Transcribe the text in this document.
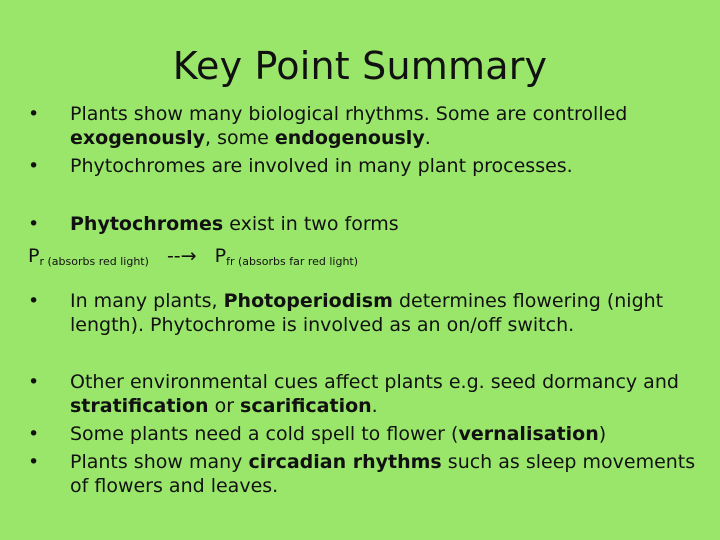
Key Point Summary
•	Plants show many biological rhythms. Some are controlled exogenously, some endogenously.
•	Phytochromes are involved in many plant processes.
•	Phytochromes exist in two forms
$P_{r (absorbs red light)}$ --→ $P_{fr (absorbs far red light)}$
•	In many plants, Photoperiodism determines flowering (night length). Phytochrome is involved as an on/off switch.
•	Other environmental cues affect plants e.g. seed dormancy and stratification or scarification.
•	Some plants need a cold spell to flower (vernalisation)
•	Plants show many circadian rhythms such as sleep movements of flowers and leaves.
